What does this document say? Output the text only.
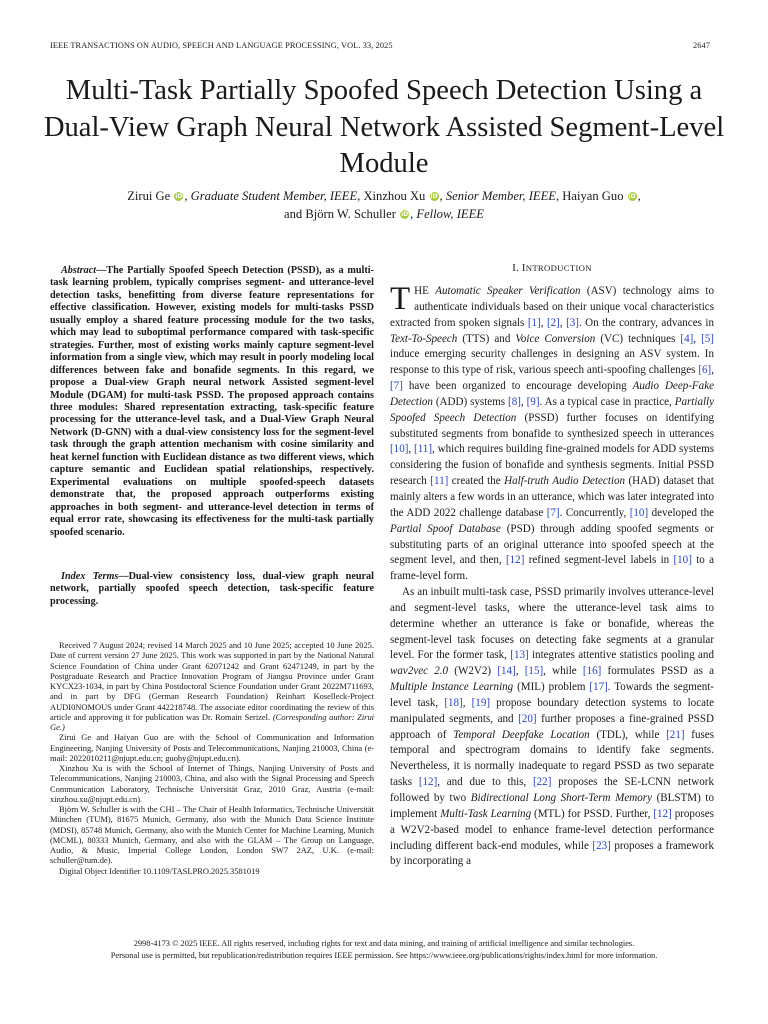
IEEE TRANSACTIONS ON AUDIO, SPEECH AND LANGUAGE PROCESSING, VOL. 33, 2025	2647
Multi-Task Partially Spoofed Speech Detection Using a Dual-View Graph Neural Network Assisted Segment-Level Module
Zirui Ge iD , Graduate Student Member, IEEE, Xinzhou Xu iD , Senior Member, IEEE, Haiyan Guo iD ,
and Björn W. Schuller iD , Fellow, IEEE
Abstract—The Partially Spoofed Speech Detection (PSSD), as a multi-task learning problem, typically comprises segment- and utterance-level detection tasks, benefitting from diverse feature representations for effective classification. However, existing models for multi-tasks PSSD usually employ a shared feature processing module for the two tasks, which may lead to suboptimal performance compared with task-specific strategies. Further, most of existing works mainly capture segment-level information from a single view, which may result in poorly modeling local differences between fake and bonafide segments. In this regard, we propose a Dual-view Graph neural network Assisted segment-level Module (DGAM) for multi-task PSSD. The proposed approach contains three modules: Shared representation extracting, task-specific feature processing for the utterance-level task, and a Dual-View Graph Neural Network (D-GNN) with a dual-view consistency loss for the segment-level task through the graph attention mechanism with cosine similarity and heat kernel function with Euclidean distance as two different views, which capture semantic and Euclidean spatial relationships, respectively. Experimental evaluations on multiple spoofed-speech datasets demonstrate that, the proposed approach outperforms existing approaches in both segment- and utterance-level detection in terms of equal error rate, showcasing its effectiveness for the multi-task partially spoofed scenario.
Index Terms—Dual-view consistency loss, dual-view graph neural network, partially spoofed speech detection, task-specific feature processing.

Received 7 August 2024; revised 14 March 2025 and 10 June 2025; accepted 10 June 2025. Date of current version 27 June 2025. This work was supported in part by the National Natural Science Foundation of China under Grant 62071242 and Grant 62471249, in part by the Postgraduate Research and Practice Innovation Program of Jiangsu Province under Grant KYCX23-1034, in part by China Postdoctoral Science Foundation under Grant 2022M711693, and in part by DFG (German Research Foundation) Reinhart Koselleck-Project AUDI0NOMOUS under Grant 442218748. The associate editor coordinating the review of this article and approving it for publication was Dr. Romain Serizel. (Corresponding author: Zirui Ge.)

Zirui Ge and Haiyan Guo are with the School of Communication and Information Engineering, Nanjing University of Posts and Telecommunications, Nanjing 210003, China (e-mail: 2022010211@njupt.edu.cn; guohy@njupt.edu.cn).

Xinzhou Xu is with the School of Internet of Things, Nanjing University of Posts and Telecommunications, Nanjing 210003, China, and also with the Signal Processing and Speech Communication Laboratory, Technische Universität Graz, 2010 Graz, Austria (e-mail: xinzhou.xu@njupt.edu.cn).

Björn W. Schuller is with the CHI – The Chair of Health Informatics, Technische Universität München (TUM), 81675 Munich, Germany, also with the Munich Data Science Institute (MDSI), 85748 Munich, Germany, also with the Munich Center for Machine Learning, Munich (MCML), 80333 Munich, Germany, and also with the GLAM – The Group on Language, Audio, & Music, Imperial College London, London SW7 2AZ, U.K. (e-mail: schuller@tum.de).

Digital Object Identifier 10.1109/TASLPRO.2025.3581019

I. INTRODUCTION

THE Automatic Speaker Verification (ASV) technology aims to authenticate individuals based on their unique vocal characteristics extracted from spoken signals [1], [2], [3]. On the contrary, advances in Text-To-Speech (TTS) and Voice Conversion (VC) techniques [4], [5] induce emerging security challenges in designing an ASV system. In response to this type of risk, various speech anti-spoofing challenges [6], [7] have been organized to encourage developing Audio Deep-Fake Detection (ADD) systems [8], [9]. As a typical case in practice, Partially Spoofed Speech Detection (PSSD) further focuses on identifying substituted segments from bonafide to synthesized speech in utterances [10], [11], which requires building fine-grained models for ADD systems considering the fusion of bonafide and synthesis segments. Initial PSSD research [11] created the Half-truth Audio Detection (HAD) dataset that mainly alters a few words in an utterance, which was later integrated into the ADD 2022 challenge database [7]. Concurrently, [10] developed the Partial Spoof Database (PSD) through adding spoofed segments or substituting parts of an original utterance into spoofed speech at the segment level, and then, [12] refined segment-level labels in [10] to a frame-level form.

As an inbuilt multi-task case, PSSD primarily involves utterance-level and segment-level tasks, where the utterance-level task aims to determine whether an utterance is fake or bonafide, whereas the segment-level task focuses on detecting fake segments at a granular level. For the former task, [13] integrates attentive statistics pooling and wav2vec 2.0 (W2V2) [14], [15], while [16] formulates PSSD as a Multiple Instance Learning (MIL) problem [17]. Towards the segment-level task, [18], [19] propose boundary detection systems to locate manipulated segments, and [20] further proposes a fine-grained PSSD approach of Temporal Deepfake Location (TDL), while [21] fuses temporal and spectrogram domains to identify fake segments. Nevertheless, it is normally inadequate to regard PSSD as two separate tasks [12], and due to this, [22] proposes the SE-LCNN network followed by two Bidirectional Long Short-Term Memory (BLSTM) to implement Multi-Task Learning (MTL) for PSSD. Further, [12] proposes a W2V2-based model to enhance frame-level detection performance including different back-end modules, while [23] proposes a framework by incorporating a

2998-4173 © 2025 IEEE. All rights reserved, including rights for text and data mining, and training of artificial intelligence and similar technologies.
Personal use is permitted, but republication/redistribution requires IEEE permission. See https://www.ieee.org/publications/rights/index.html for more information.
